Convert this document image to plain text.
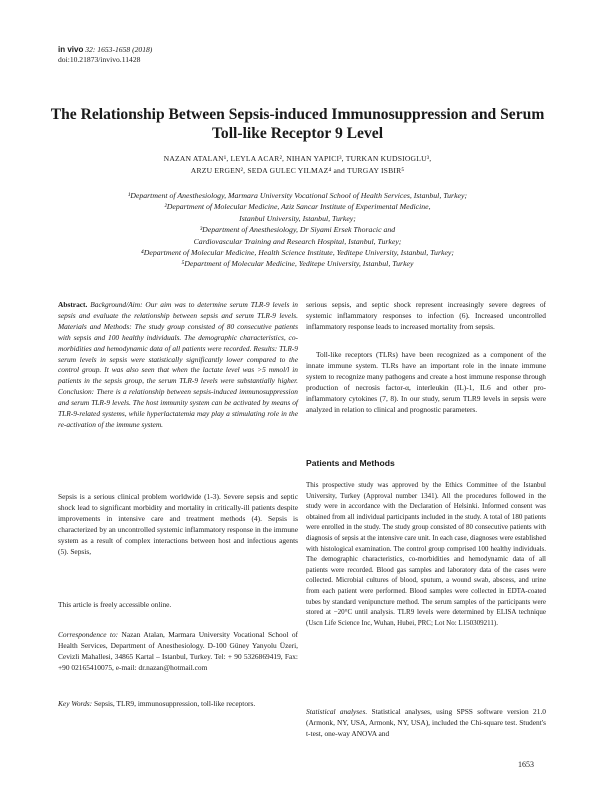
in vivo 32: 1653-1658 (2018)
doi:10.21873/invivo.11428
The Relationship Between Sepsis-induced Immunosuppression and Serum Toll-like Receptor 9 Level
NAZAN ATALAN¹, LEYLA ACAR², NIHAN YAPICI³, TURKAN KUDSIOGLU³,
ARZU ERGEN², SEDA GULEC YILMAZ⁴ and TURGAY ISBIR⁵
¹Department of Anesthesiology, Marmara University Vocational School of Health Services, Istanbul, Turkey;
²Department of Molecular Medicine, Aziz Sancar Institute of Experimental Medicine,
Istanbul University, Istanbul, Turkey;
³Department of Anesthesiology, Dr Siyami Ersek Thoracic and
Cardiovascular Training and Research Hospital, Istanbul, Turkey;
⁴Department of Molecular Medicine, Health Science Institute, Yeditepe University, Istanbul, Turkey;
⁵Department of Molecular Medicine, Yeditepe University, Istanbul, Turkey

Abstract. Background/Aim: Our aim was to determine serum TLR-9 levels in sepsis and evaluate the relationship between sepsis and serum TLR-9 levels. Materials and Methods: The study group consisted of 80 consecutive patients with sepsis and 100 healthy individuals. The demographic characteristics, co-morbidities and hemodynamic data of all patients were recorded. Results: TLR-9 serum levels in sepsis were statistically significantly lower compared to the control group. It was also seen that when the lactate level was >5 mmol/l in patients in the sepsis group, the serum TLR-9 levels were substantially higher. Conclusion: There is a relationship between sepsis-induced immunosuppression and serum TLR-9 levels. The host immunity system can be activated by means of TLR-9-related systems, while hyperlactatemia may play a stimulating role in the re-activation of the immune system.

Sepsis is a serious clinical problem worldwide (1-3). Severe sepsis and septic shock lead to significant morbidity and mortality in critically-ill patients despite improvements in intensive care and treatment methods (4). Sepsis is characterized by an uncontrolled systemic inflammatory response in the immune system as a result of complex interactions between host and infectious agents (5). Sepsis,

This article is freely accessible online.

Correspondence to: Nazan Atalan, Marmara University Vocational School of Health Services, Department of Anesthesiology. D-100 Güney Yanyolu Üzeri, Cevizli Mahallesi, 34865 Kartal – Istanbul, Turkey. Tel: + 90 5326869419, Fax: +90 02165410075, e-mail: dr.nazan@hotmail.com

Key Words: Sepsis, TLR9, immunosuppression, toll-like receptors.

serious sepsis, and septic shock represent increasingly severe degrees of systemic inflammatory responses to infection (6). Increased uncontrolled inflammatory response leads to increased mortality from sepsis.

Toll-like receptors (TLRs) have been recognized as a component of the innate immune system. TLRs have an important role in the innate immune system to recognize many pathogens and create a host immune response through production of necrosis factor-α, interleukin (IL)-1, IL6 and other pro-inflammatory cytokines (7, 8). In our study, serum TLR9 levels in sepsis were analyzed in relation to clinical and prognostic parameters.

Patients and Methods

This prospective study was approved by the Ethics Committee of the Istanbul University, Turkey (Approval number 1341). All the procedures followed in the study were in accordance with the Declaration of Helsinki. Informed consent was obtained from all individual participants included in the study. A total of 180 patients were enrolled in the study. The study group consisted of 80 consecutive patients with diagnosis of sepsis at the intensive care unit. In each case, diagnoses were established with histological examination. The control group comprised 100 healthy individuals. The demographic characteristics, co-morbidities and hemodynamic data of all patients were recorded. Blood gas samples and laboratory data of the cases were collected. Microbial cultures of blood, sputum, a wound swab, abscess, and urine from each patient were performed. Blood samples were collected in EDTA-coated tubes by standard venipuncture method. The serum samples of the participants were stored at −20°C until analysis. TLR9 levels were determined by ELISA technique (Uscn Life Science Inc, Wuhan, Hubei, PRC; Lot No: L150309211).

Statistical analyses. Statistical analyses, using SPSS software version 21.0 (Armonk, NY, USA, Armonk, NY, USA), included the Chi-square test. Student's t-test, one-way ANOVA and

1653
